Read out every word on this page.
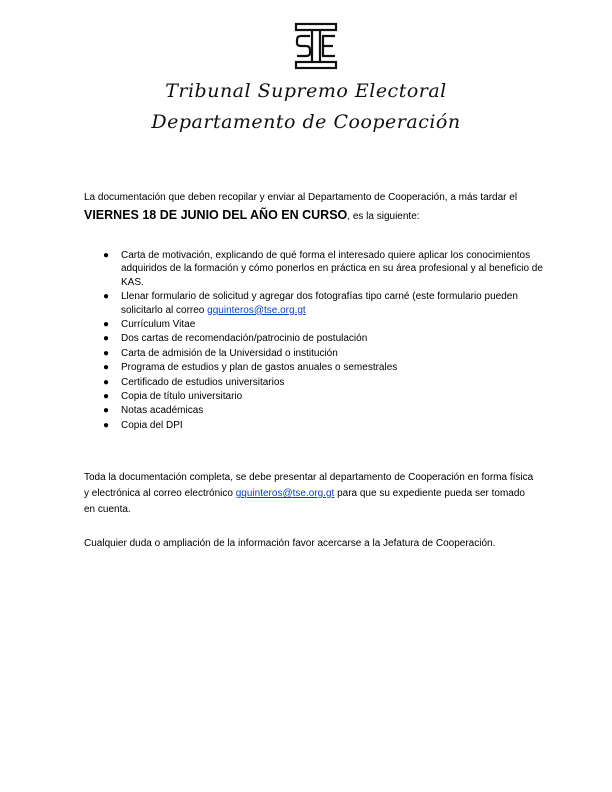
Tribunal Supremo Electoral
Departamento de Cooperación
La documentación que deben recopilar y enviar al Departamento de Cooperación, a más tardar el
VIERNES 18 DE JUNIO DEL AÑO EN CURSO, es la siguiente:
● Carta de motivación, explicando de qué forma el interesado quiere aplicar los conocimientos adquiridos de la formación y cómo ponerlos en práctica en su área profesional y al beneficio de KAS.
● Llenar formulario de solicitud y agregar dos fotografías tipo carné (este formulario pueden solicitarlo al correo gquinteros@tse.org.gt
● Currículum Vitae
● Dos cartas de recomendación/patrocinio de postulación
● Carta de admisión de la Universidad o institución
● Programa de estudios y plan de gastos anuales o semestrales
● Certificado de estudios universitarios
● Copia de título universitario
● Notas académicas
● Copia del DPI
Toda la documentación completa, se debe presentar al departamento de Cooperación en forma física y electrónica al correo electrónico gquinteros@tse.org.gt para que su expediente pueda ser tomado en cuenta.
Cualquier duda o ampliación de la información favor acercarse a la Jefatura de Cooperación.
